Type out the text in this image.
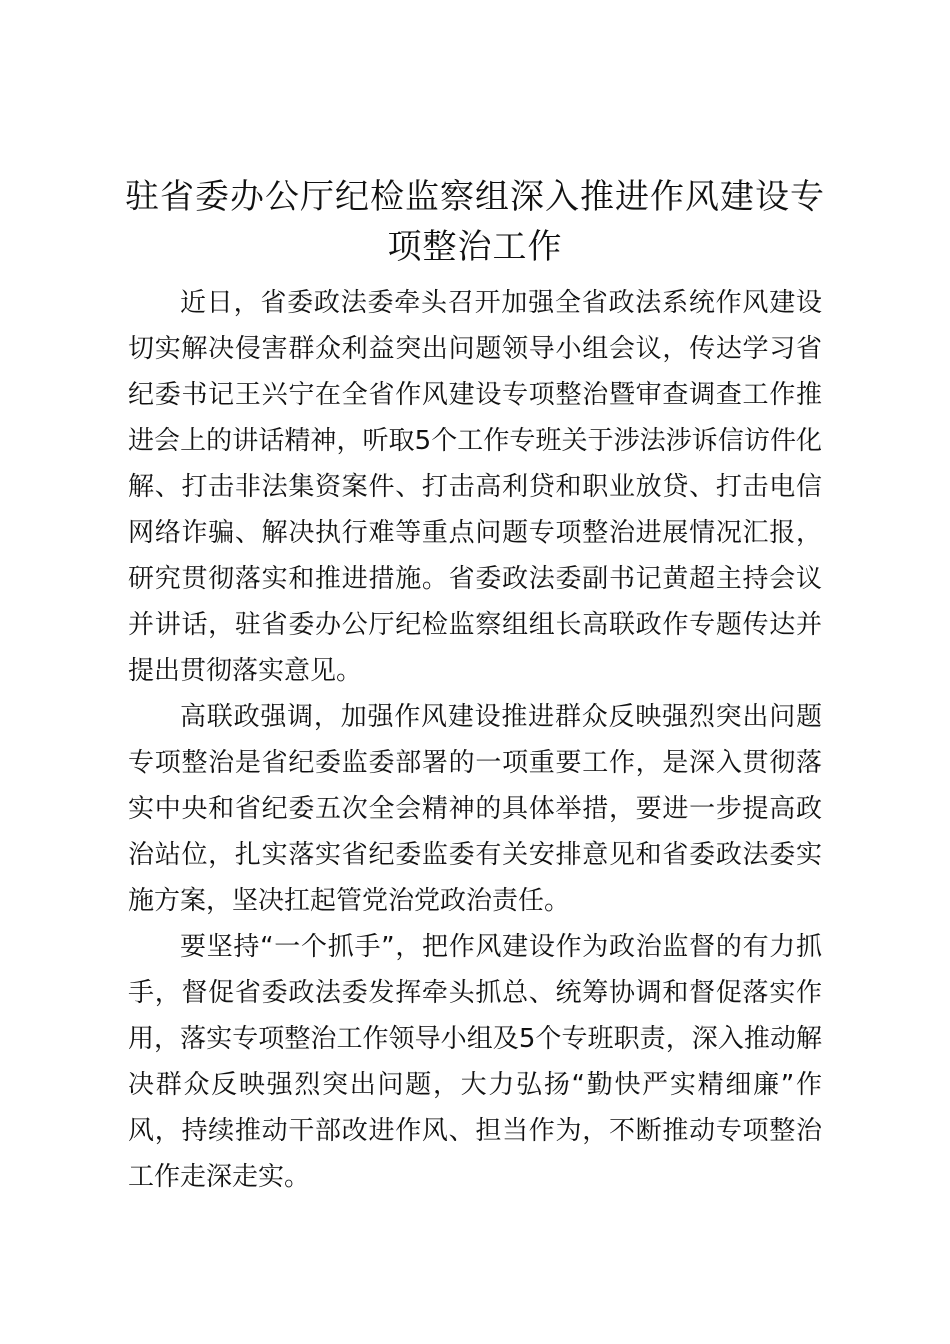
驻省委办公厅纪检监察组深入推进作风建设专项整治工作

近日，省委政法委牵头召开加强全省政法系统作风建设切实解决侵害群众利益突出问题领导小组会议，传达学习省纪委书记王兴宁在全省作风建设专项整治暨审查调查工作推进会上的讲话精神，听取5个工作专班关于涉法涉诉信访件化解、打击非法集资案件、打击高利贷和职业放贷、打击电信网络诈骗、解决执行难等重点问题专项整治进展情况汇报，研究贯彻落实和推进措施。省委政法委副书记黄超主持会议并讲话，驻省委办公厅纪检监察组组长高联政作专题传达并提出贯彻落实意见。

高联政强调，加强作风建设推进群众反映强烈突出问题专项整治是省纪委监委部署的一项重要工作，是深入贯彻落实中央和省纪委五次全会精神的具体举措，要进一步提高政治站位，扎实落实省纪委监委有关安排意见和省委政法委实施方案，坚决扛起管党治党政治责任。

要坚持“一个抓手”，把作风建设作为政治监督的有力抓手，督促省委政法委发挥牵头抓总、统筹协调和督促落实作用，落实专项整治工作领导小组及5个专班职责，深入推动解决群众反映强烈突出问题，大力弘扬“勤快严实精细廉”作风，持续推动干部改进作风、担当作为，不断推动专项整治工作走深走实。
